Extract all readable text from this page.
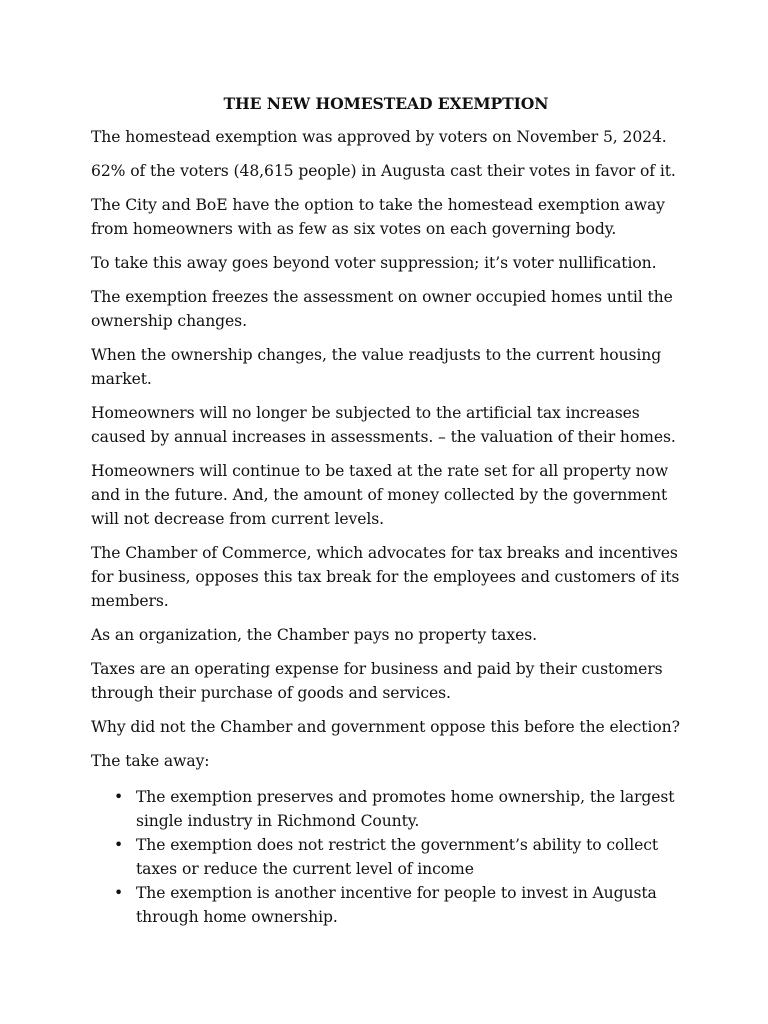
THE NEW HOMESTEAD EXEMPTION

The homestead exemption was approved by voters on November 5, 2024.

62% of the voters (48,615 people) in Augusta cast their votes in favor of it.

The City and BoE have the option to take the homestead exemption away from homeowners with as few as six votes on each governing body.

To take this away goes beyond voter suppression; it’s voter nullification.

The exemption freezes the assessment on owner occupied homes until the ownership changes.

When the ownership changes, the value readjusts to the current housing market.

Homeowners will no longer be subjected to the artificial tax increases caused by annual increases in assessments. – the valuation of their homes.

Homeowners will continue to be taxed at the rate set for all property now and in the future. And, the amount of money collected by the government will not decrease from current levels.

The Chamber of Commerce, which advocates for tax breaks and incentives for business, opposes this tax break for the employees and customers of its members.

As an organization, the Chamber pays no property taxes.

Taxes are an operating expense for business and paid by their customers through their purchase of goods and services.

Why did not the Chamber and government oppose this before the election?

The take away:

• The exemption preserves and promotes home ownership, the largest single industry in Richmond County.
• The exemption does not restrict the government’s ability to collect taxes or reduce the current level of income
• The exemption is another incentive for people to invest in Augusta through home ownership.
